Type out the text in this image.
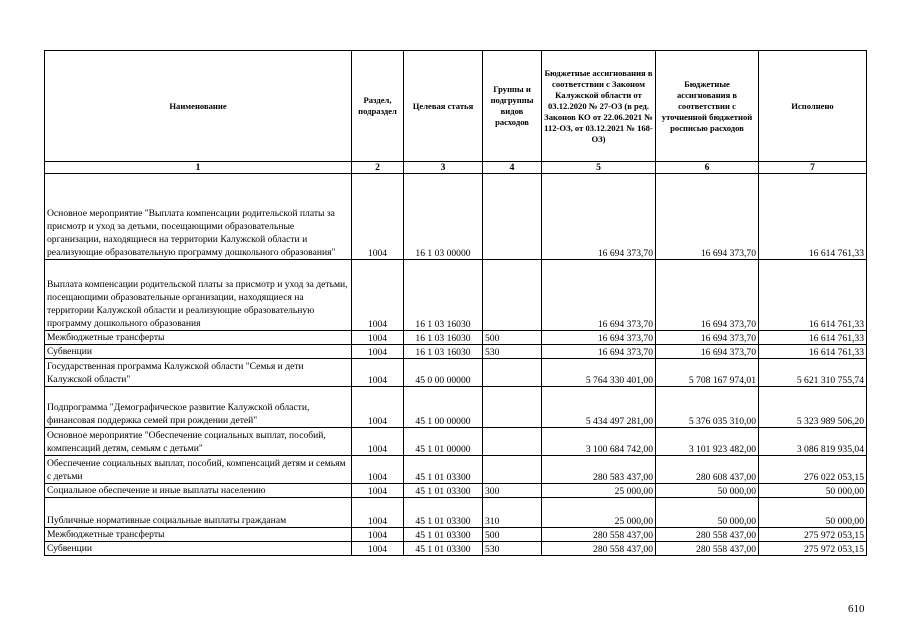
Наименование	Раздел, подраздел	Целевая статья	Группы и подгруппы видов расходов	Бюджетные ассигнования в соответствии с Законом Калужской области от 03.12.2020 № 27-ОЗ (в ред. Законов КО от 22.06.2021 № 112-ОЗ, от 03.12.2021 № 168-ОЗ)	Бюджетные ассигнования в соответствии с уточненной бюджетной росписью расходов	Исполнено
1	2	3	4	5	6	7
Основное мероприятие "Выплата компенсации родительской платы за присмотр и уход за детьми, посещающими образовательные организации, находящиеся на территории Калужской области и реализующие образовательную программу дошкольного образования"	1004	16 1 03 00000		16 694 373,70	16 694 373,70	16 614 761,33
Выплата компенсации родительской платы за присмотр и уход за детьми, посещающими образовательные организации, находящиеся на территории Калужской области и реализующие образовательную программу дошкольного образования	1004	16 1 03 16030		16 694 373,70	16 694 373,70	16 614 761,33
Межбюджетные трансферты	1004	16 1 03 16030	500	16 694 373,70	16 694 373,70	16 614 761,33
Субвенции	1004	16 1 03 16030	530	16 694 373,70	16 694 373,70	16 614 761,33
Государственная программа Калужской области "Семья и дети Калужской области"	1004	45 0 00 00000		5 764 330 401,00	5 708 167 974,01	5 621 310 755,74
Подпрограмма "Демографическое развитие Калужской области, финансовая поддержка семей при рождении детей"	1004	45 1 00 00000		5 434 497 281,00	5 376 035 310,00	5 323 989 506,20
Основное мероприятие "Обеспечение социальных выплат, пособий, компенсаций детям, семьям с детьми"	1004	45 1 01 00000		3 100 684 742,00	3 101 923 482,00	3 086 819 935,04
Обеспечение социальных выплат, пособий, компенсаций детям и семьям с детьми	1004	45 1 01 03300		280 583 437,00	280 608 437,00	276 022 053,15
Социальное обеспечение и иные выплаты населению	1004	45 1 01 03300	300	25 000,00	50 000,00	50 000,00
Публичные нормативные социальные выплаты гражданам	1004	45 1 01 03300	310	25 000,00	50 000,00	50 000,00
Межбюджетные трансферты	1004	45 1 01 03300	500	280 558 437,00	280 558 437,00	275 972 053,15
Субвенции	1004	45 1 01 03300	530	280 558 437,00	280 558 437,00	275 972 053,15
610
